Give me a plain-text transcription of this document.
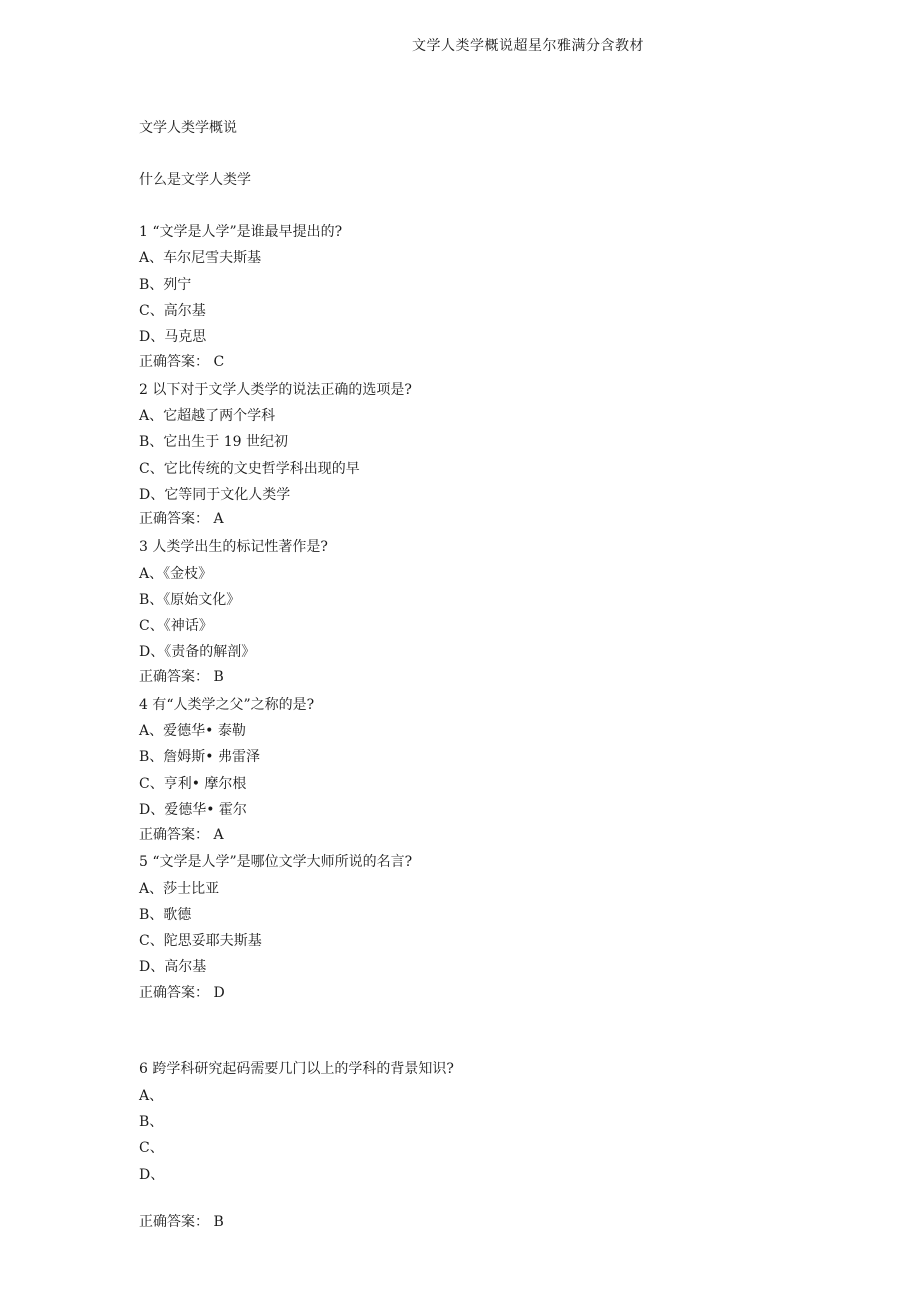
文学人类学概说超星尔雅满分含教材
文学人类学概说
什么是文学人类学
1 “文学是人学”是谁最早提出的?
A、车尔尼雪夫斯基
B、列宁
C、高尔基
D、马克思
正确答案： C
2 以下对于文学人类学的说法正确的选项是?
A、它超越了两个学科
B、它出生于 19 世纪初
C、它比传统的文史哲学科出现的早
D、它等同于文化人类学
正确答案： A
3 人类学出生的标记性著作是?
A、《金枝》
B、《原始文化》
C、《神话》
D、《责备的解剖》
正确答案： B
4 有“人类学之父”之称的是?
A、爱德华• 泰勒
B、詹姆斯• 弗雷泽
C、亨利• 摩尔根
D、爱德华• 霍尔
正确答案： A
5 “文学是人学”是哪位文学大师所说的名言?
A、莎士比亚
B、歌德
C、陀思妥耶夫斯基
D、高尔基
正确答案： D
6 跨学科研究起码需要几门以上的学科的背景知识?
A、
B、
C、
D、
正确答案： B
